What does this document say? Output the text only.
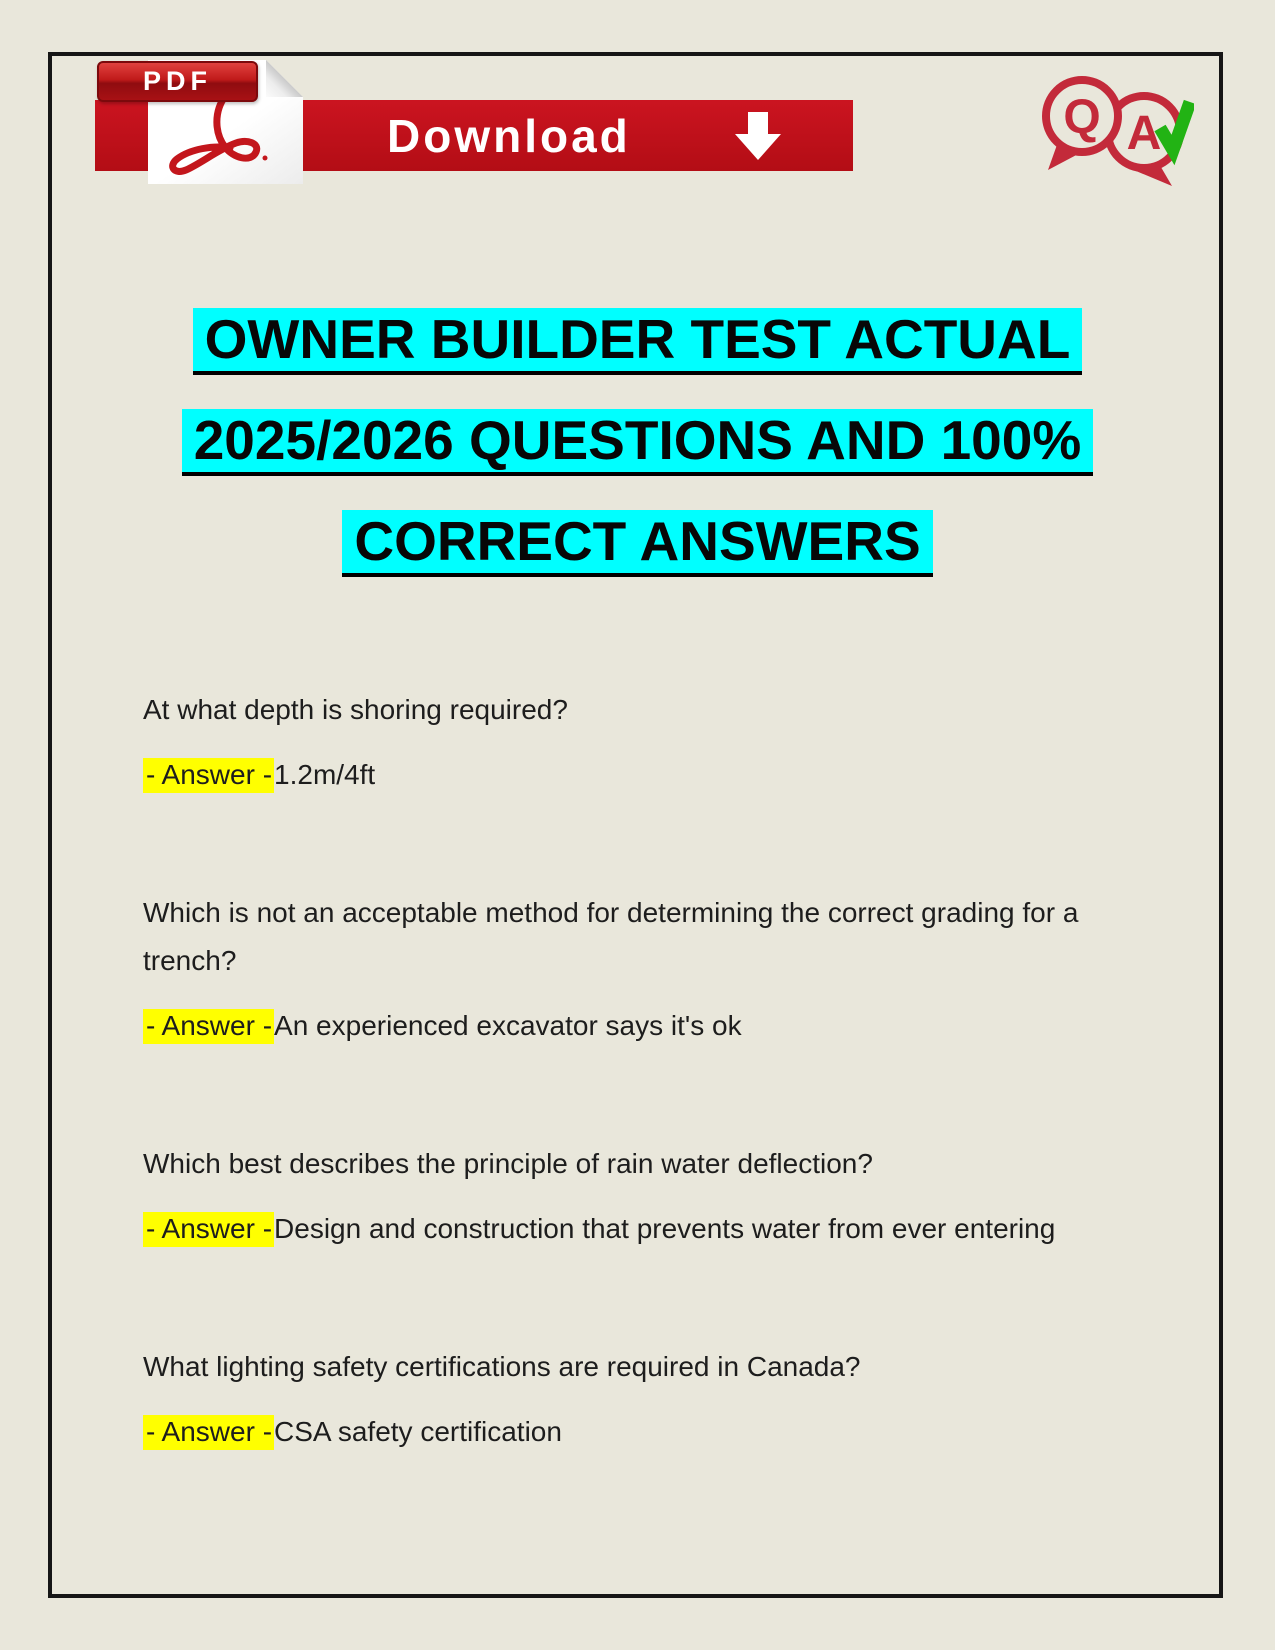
Download
PDF
Q A
OWNER BUILDER TEST ACTUAL
2025/2026 QUESTIONS AND 100%
CORRECT ANSWERS

At what depth is shoring required?

- Answer -1.2m/4ft

Which is not an acceptable method for determining the correct grading for a trench?

- Answer -An experienced excavator says it's ok

Which best describes the principle of rain water deflection?

- Answer -Design and construction that prevents water from ever entering

What lighting safety certifications are required in Canada?

- Answer -CSA safety certification
